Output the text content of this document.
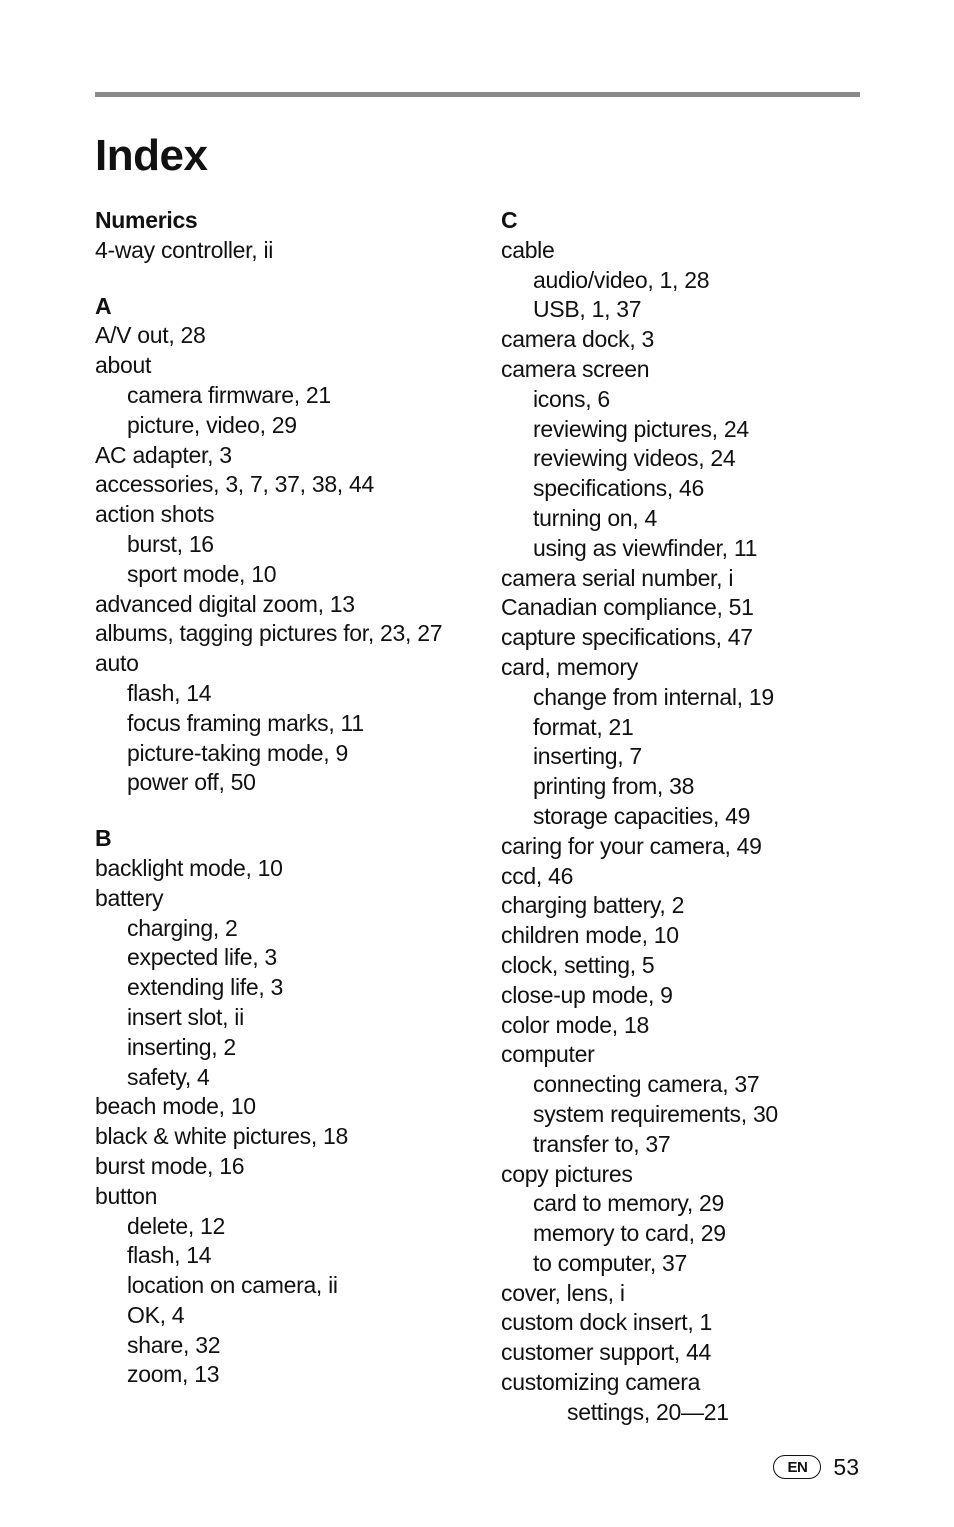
Index
Numerics
4-way controller, ii
A
A/V out, 28
about
camera firmware, 21
picture, video, 29
AC adapter, 3
accessories, 3, 7, 37, 38, 44
action shots
burst, 16
sport mode, 10
advanced digital zoom, 13
albums, tagging pictures for, 23, 27
auto
flash, 14
focus framing marks, 11
picture-taking mode, 9
power off, 50
B
backlight mode, 10
battery
charging, 2
expected life, 3
extending life, 3
insert slot, ii
inserting, 2
safety, 4
beach mode, 10
black & white pictures, 18
burst mode, 16
button
delete, 12
flash, 14
location on camera, ii
OK, 4
share, 32
zoom, 13
C
cable
audio/video, 1, 28
USB, 1, 37
camera dock, 3
camera screen
icons, 6
reviewing pictures, 24
reviewing videos, 24
specifications, 46
turning on, 4
using as viewfinder, 11
camera serial number, i
Canadian compliance, 51
capture specifications, 47
card, memory
change from internal, 19
format, 21
inserting, 7
printing from, 38
storage capacities, 49
caring for your camera, 49
ccd, 46
charging battery, 2
children mode, 10
clock, setting, 5
close-up mode, 9
color mode, 18
computer
connecting camera, 37
system requirements, 30
transfer to, 37
copy pictures
card to memory, 29
memory to card, 29
to computer, 37
cover, lens, i
custom dock insert, 1
customer support, 44
customizing camera
settings, 20—21
EN	53
